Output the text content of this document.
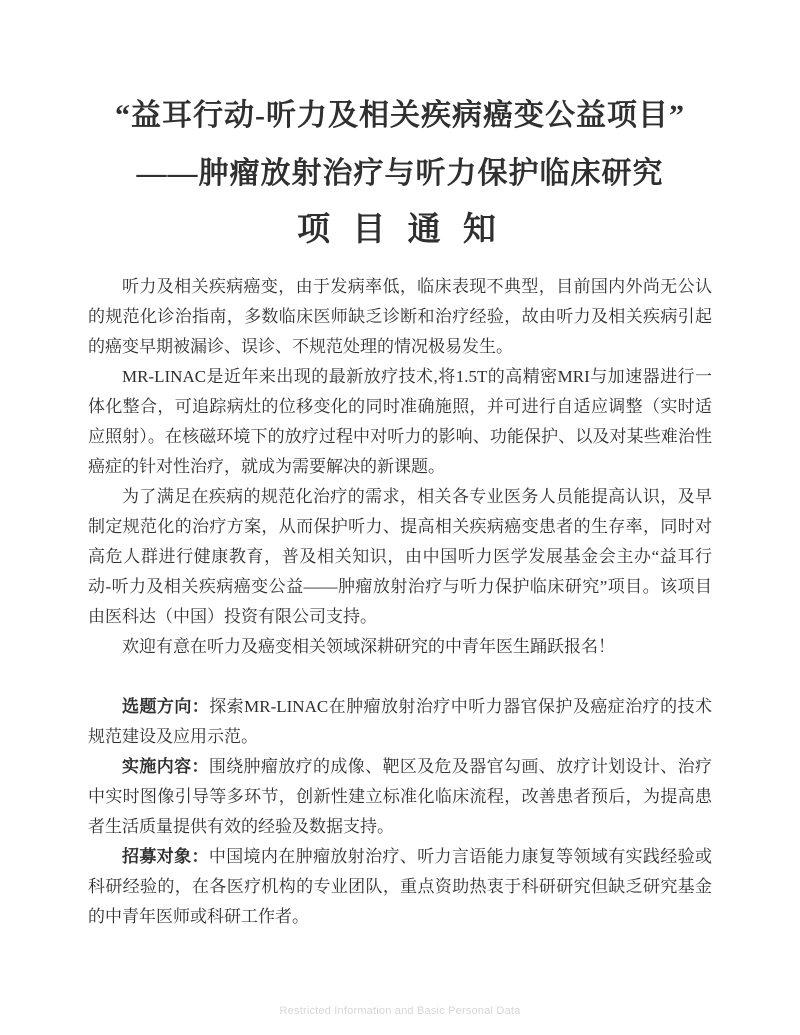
“益耳行动-听力及相关疾病癌变公益项目”
——肿瘤放射治疗与听力保护临床研究
项 目 通 知

听力及相关疾病癌变，由于发病率低，临床表现不典型，目前国内外尚无公认的规范化诊治指南，多数临床医师缺乏诊断和治疗经验，故由听力及相关疾病引起的癌变早期被漏诊、误诊、不规范处理的情况极易发生。

MR-LINAC是近年来出现的最新放疗技术,将1.5T的高精密MRI与加速器进行一体化整合，可追踪病灶的位移变化的同时准确施照，并可进行自适应调整（实时适应照射）。在核磁环境下的放疗过程中对听力的影响、功能保护、以及对某些难治性癌症的针对性治疗，就成为需要解决的新课题。

为了满足在疾病的规范化治疗的需求，相关各专业医务人员能提高认识，及早制定规范化的治疗方案，从而保护听力、提高相关疾病癌变患者的生存率，同时对高危人群进行健康教育，普及相关知识，由中国听力医学发展基金会主办“益耳行动-听力及相关疾病癌变公益——肿瘤放射治疗与听力保护临床研究”项目。该项目由医科达（中国）投资有限公司支持。

欢迎有意在听力及癌变相关领域深耕研究的中青年医生踊跃报名！

选题方向：探索MR-LINAC在肿瘤放射治疗中听力器官保护及癌症治疗的技术规范建设及应用示范。

实施内容：围绕肿瘤放疗的成像、靶区及危及器官勾画、放疗计划设计、治疗中实时图像引导等多环节，创新性建立标准化临床流程，改善患者预后，为提高患者生活质量提供有效的经验及数据支持。

招募对象：中国境内在肿瘤放射治疗、听力言语能力康复等领域有实践经验或科研经验的，在各医疗机构的专业团队，重点资助热衷于科研研究但缺乏研究基金的中青年医师或科研工作者。

Restricted Information and Basic Personal Data
